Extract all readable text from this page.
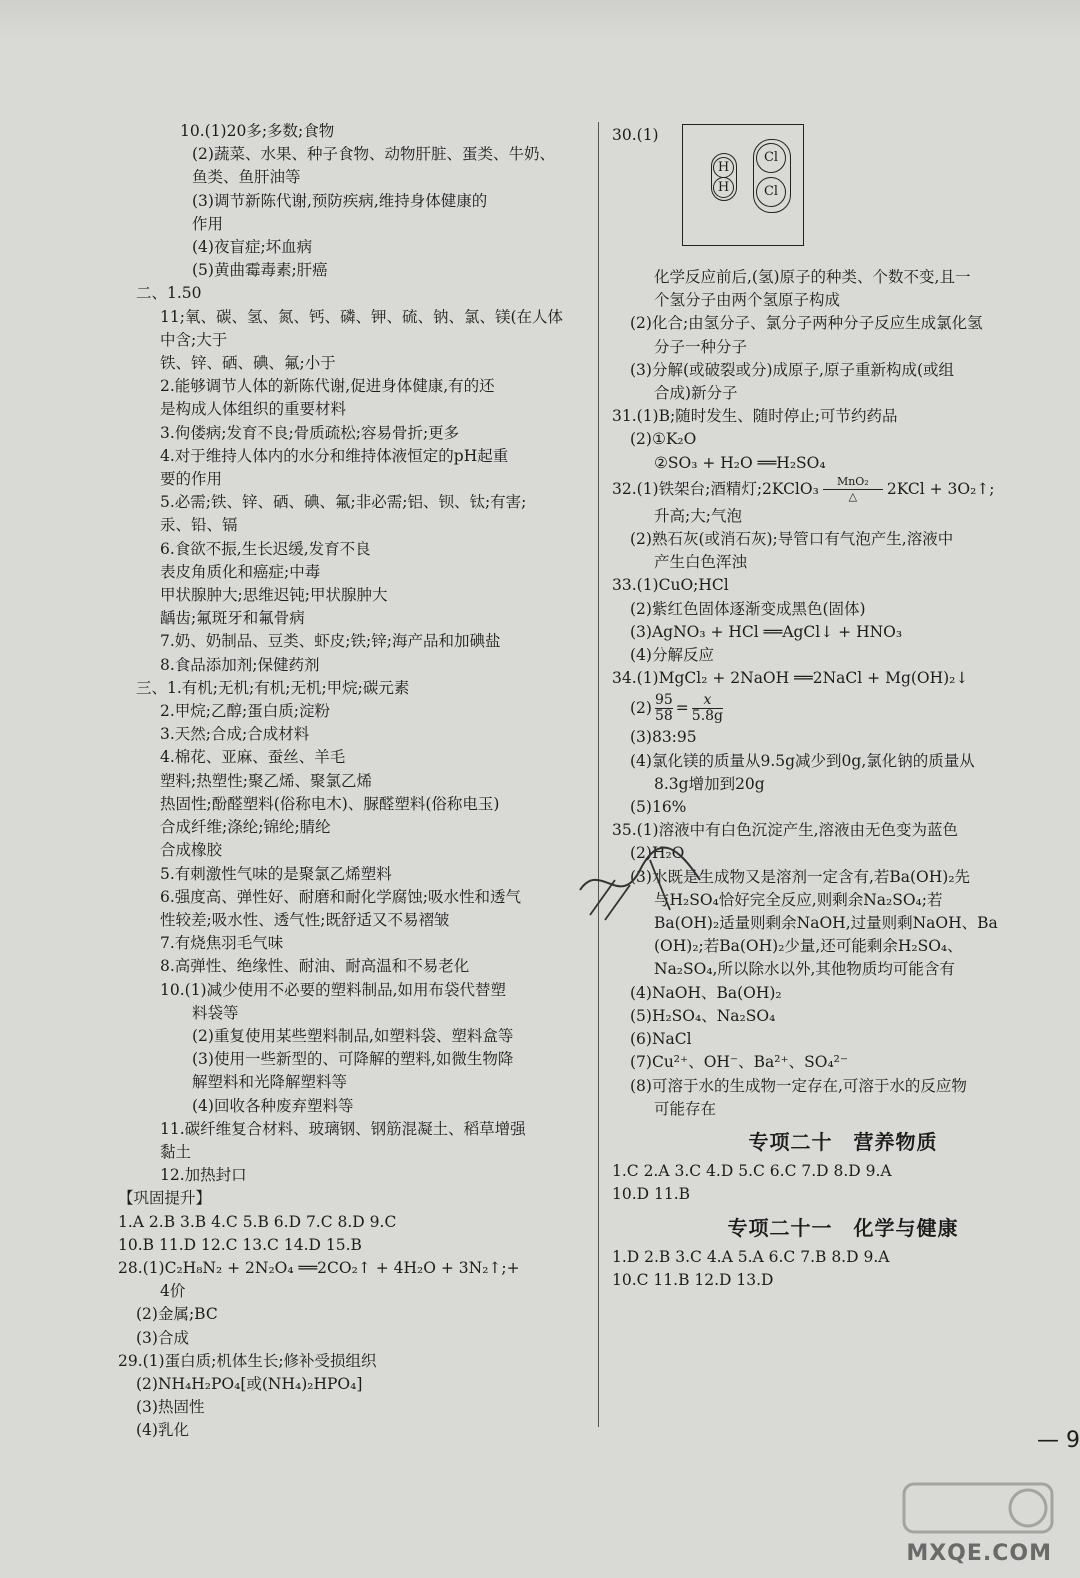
10.(1)20多;多数;食物
(2)蔬菜、水果、种子食物、动物肝脏、蛋类、牛奶、
鱼类、鱼肝油等
(3)调节新陈代谢,预防疾病,维持身体健康的
作用
(4)夜盲症;坏血病
(5)黄曲霉毒素;肝癌
二、1.50
11;氧、碳、氢、氮、钙、磷、钾、硫、钠、氯、镁(在人体
中含;大于
铁、锌、硒、碘、氟;小于
2.能够调节人体的新陈代谢,促进身体健康,有的还
是构成人体组织的重要材料
3.佝偻病;发育不良;骨质疏松;容易骨折;更多
4.对于维持人体内的水分和维持体液恒定的pH起重
要的作用
5.必需;铁、锌、硒、碘、氟;非必需;铝、钡、钛;有害;
汞、铅、镉
6.食欲不振,生长迟缓,发育不良
表皮角质化和癌症;中毒
甲状腺肿大;思维迟钝;甲状腺肿大
龋齿;氟斑牙和氟骨病
7.奶、奶制品、豆类、虾皮;铁;锌;海产品和加碘盐
8.食品添加剂;保健药剂
三、1.有机;无机;有机;无机;甲烷;碳元素
2.甲烷;乙醇;蛋白质;淀粉
3.天然;合成;合成材料
4.棉花、亚麻、蚕丝、羊毛
塑料;热塑性;聚乙烯、聚氯乙烯
热固性;酚醛塑料(俗称电木)、脲醛塑料(俗称电玉)
合成纤维;涤纶;锦纶;腈纶
合成橡胶
5.有刺激性气味的是聚氯乙烯塑料
6.强度高、弹性好、耐磨和耐化学腐蚀;吸水性和透气
性较差;吸水性、透气性;既舒适又不易褶皱
7.有烧焦羽毛气味
8.高弹性、绝缘性、耐油、耐高温和不易老化
10.(1)减少使用不必要的塑料制品,如用布袋代替塑
料袋等
(2)重复使用某些塑料制品,如塑料袋、塑料盒等
(3)使用一些新型的、可降解的塑料,如微生物降
解塑料和光降解塑料等
(4)回收各种废弃塑料等
11.碳纤维复合材料、玻璃钢、钢筋混凝土、稻草增强
黏土
12.加热封口
【巩固提升】
1.A 2.B 3.B 4.C 5.B 6.D 7.C 8.D 9.C
10.B 11.D 12.C 13.C 14.D 15.B
28.(1)C₂H₈N₂ + 2N₂O₄ ══2CO₂↑ + 4H₂O + 3N₂↑;+
4价
(2)金属;BC
(3)合成
29.(1)蛋白质;机体生长;修补受损组织
(2)NH₄H₂PO₄[或(NH₄)₂HPO₄]
(3)热固性
(4)乳化
30.(1)
H
H
Cl
Cl
化学反应前后,(氢)原子的种类、个数不变,且一
个氢分子由两个氢原子构成
(2)化合;由氢分子、氯分子两种分子反应生成氯化氢
分子一种分子
(3)分解(或破裂或分)成原子,原子重新构成(或组
合成)新分子
31.(1)B;随时发生、随时停止;可节约药品
(2)①K₂O
②SO₃ + H₂O ══H₂SO₄
32.(1)铁架台;酒精灯;2KClO₃ MnO₂
△ 2KCl + 3O₂↑;
升高;大;气泡
(2)熟石灰(或消石灰);导管口有气泡产生,溶液中
产生白色浑浊
33.(1)CuO;HCl
(2)紫红色固体逐渐变成黑色(固体)
(3)AgNO₃ + HCl ══AgCl↓ + HNO₃
(4)分解反应
34.(1)MgCl₂ + 2NaOH ══2NaCl + Mg(OH)₂↓
$(2) \frac{95}{58} = \frac{x}{5.8g}$
(3)83:95
(4)氯化镁的质量从9.5g减少到0g,氯化钠的质量从
8.3g增加到20g
(5)16%
35.(1)溶液中有白色沉淀产生,溶液由无色变为蓝色
(2)H₂O
(3)水既是生成物又是溶剂一定含有,若Ba(OH)₂先
与H₂SO₄恰好完全反应,则剩余Na₂SO₄;若
Ba(OH)₂适量则剩余NaOH,过量则剩NaOH、Ba
(OH)₂;若Ba(OH)₂少量,还可能剩余H₂SO₄、
Na₂SO₄,所以除水以外,其他物质均可能含有
(4)NaOH、Ba(OH)₂
(5)H₂SO₄、Na₂SO₄
(6)NaCl
(7)Cu²⁺、OH⁻、Ba²⁺、SO₄²⁻
(8)可溶于水的生成物一定存在,可溶于水的反应物
可能存在
专项二十　营养物质
1.C 2.A 3.C 4.D 5.C 6.C 7.D 8.D 9.A
10.D 11.B
专项二十一　化学与健康
1.D 2.B 3.C 4.A 5.A 6.C 7.B 8.D 9.A
10.C 11.B 12.D 13.D
— 9
MXQE.COM
